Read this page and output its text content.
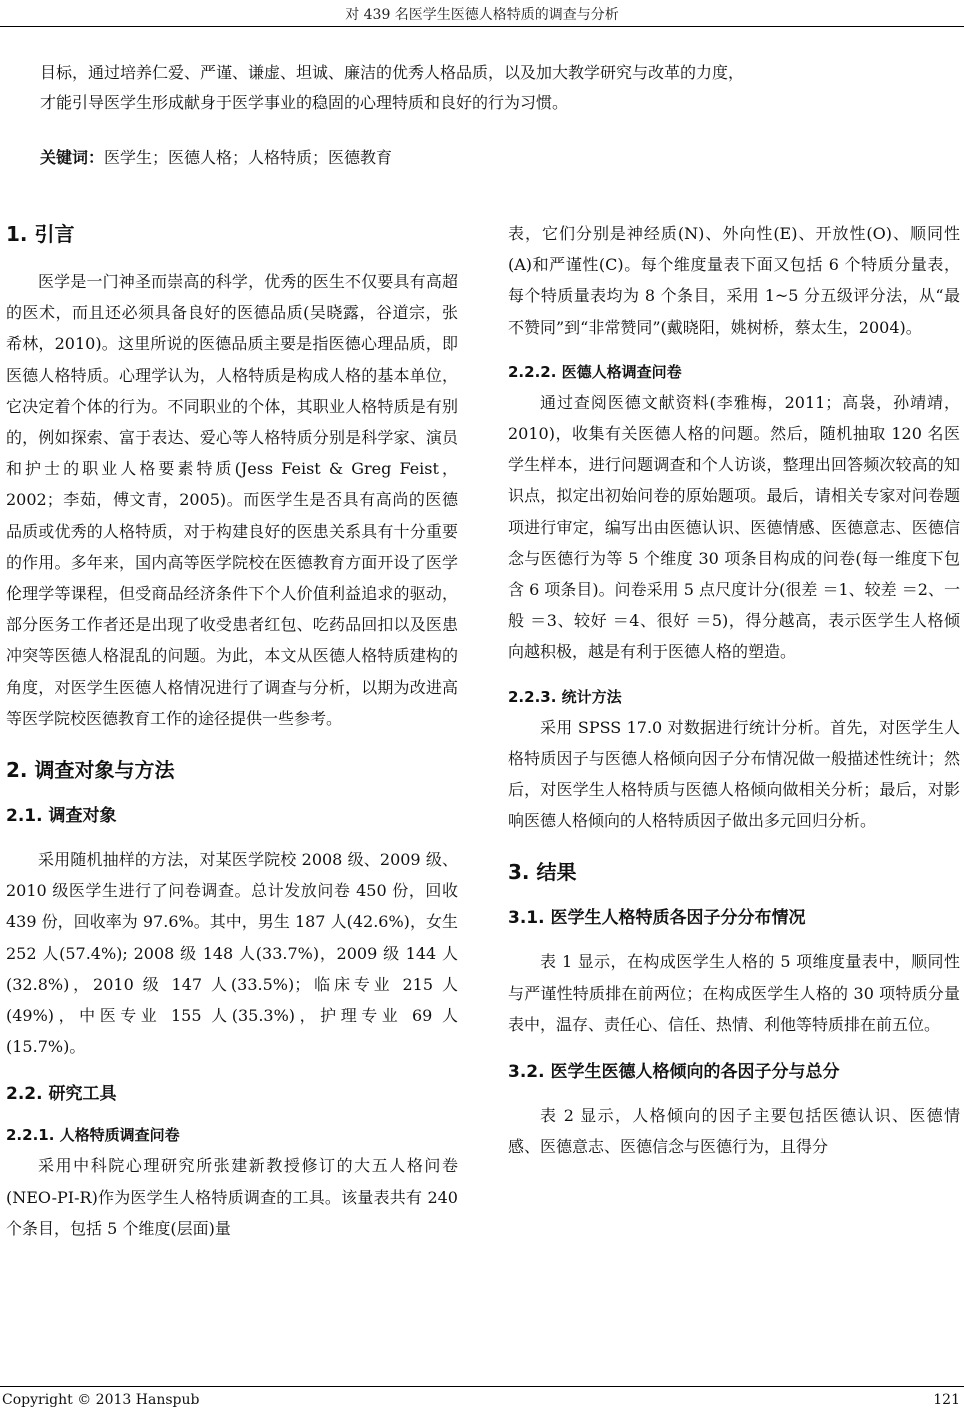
对 439 名医学生医德人格特质的调查与分析

目标，通过培养仁爱、严谨、谦虚、坦诚、廉洁的优秀人格品质，以及加大教学研究与改革的力度，

才能引导医学生形成献身于医学事业的稳固的心理特质和良好的行为习惯。

关键词：医学生；医德人格；人格特质；医德教育
1. 引言

医学是一门神圣而崇高的科学，优秀的医生不仅要具有高超的医术，而且还必须具备良好的医德品质(吴晓露，谷道宗，张希林，2010)。这里所说的医德品质主要是指医德心理品质，即医德人格特质。心理学认为，人格特质是构成人格的基本单位，它决定着个体的行为。不同职业的个体，其职业人格特质是有别的，例如探索、富于表达、爱心等人格特质分别是科学家、演员和护士的职业人格要素特质(Jess Feist & Greg Feist，2002；李茹，傅文青，2005)。而医学生是否具有高尚的医德品质或优秀的人格特质，对于构建良好的医患关系具有十分重要的作用。多年来，国内高等医学院校在医德教育方面开设了医学伦理学等课程，但受商品经济条件下个人价值利益追求的驱动，部分医务工作者还是出现了收受患者红包、吃药品回扣以及医患冲突等医德人格混乱的问题。为此，本文从医德人格特质建构的角度，对医学生医德人格情况进行了调查与分析，以期为改进高等医学院校医德教育工作的途径提供一些参考。

2. 调查对象与方法
2.1. 调查对象

采用随机抽样的方法，对某医学院校 2008 级、2009 级、2010 级医学生进行了问卷调查。总计发放问卷 450 份，回收 439 份，回收率为 97.6%。其中，男生 187 人(42.6%)，女生 252 人(57.4%); 2008 级 148 人(33.7%)，2009 级 144 人(32.8%)，2010 级 147 人(33.5%)；临床专业 215 人(49%)，中医专业 155 人(35.3%)，护理专业 69 人(15.7%)。

2.2. 研究工具
2.2.1. 人格特质调查问卷

采用中科院心理研究所张建新教授修订的大五人格问卷(NEO-PI-R)作为医学生人格特质调查的工具。该量表共有 240 个条目，包括 5 个维度(层面)量

表，它们分别是神经质(N)、外向性(E)、开放性(O)、顺同性(A)和严谨性(C)。每个维度量表下面又包括 6 个特质分量表，每个特质量表均为 8 个条目，采用 1~5 分五级评分法，从“最不赞同”到“非常赞同”(戴晓阳，姚树桥，蔡太生，2004)。

2.2.2. 医德人格调查问卷

通过查阅医德文献资料(李雅梅，2011；高袅，孙靖靖，2010)，收集有关医德人格的问题。然后，随机抽取 120 名医学生样本，进行问题调查和个人访谈，整理出回答频次较高的知识点，拟定出初始问卷的原始题项。最后，请相关专家对问卷题项进行审定，编写出由医德认识、医德情感、医德意志、医德信念与医德行为等 5 个维度 30 项条目构成的问卷(每一维度下包含 6 项条目)。问卷采用 5 点尺度计分(很差 ＝1、较差 ＝2、一般 ＝3、较好 ＝4、很好 ＝5)，得分越高，表示医学生人格倾向越积极，越是有利于医德人格的塑造。

2.2.3. 统计方法

采用 SPSS 17.0 对数据进行统计分析。首先，对医学生人格特质因子与医德人格倾向因子分布情况做一般描述性统计；然后，对医学生人格特质与医德人格倾向做相关分析；最后，对影响医德人格倾向的人格特质因子做出多元回归分析。

3. 结果
3.1. 医学生人格特质各因子分分布情况

表 1 显示，在构成医学生人格的 5 项维度量表中，顺同性与严谨性特质排在前两位；在构成医学生人格的 30 项特质分量表中，温存、责任心、信任、热情、利他等特质排在前五位。

3.2. 医学生医德人格倾向的各因子分与总分

表 2 显示，人格倾向的因子主要包括医德认识、医德情感、医德意志、医德信念与医德行为，且得分

Copyright © 2013 Hanspub	121
